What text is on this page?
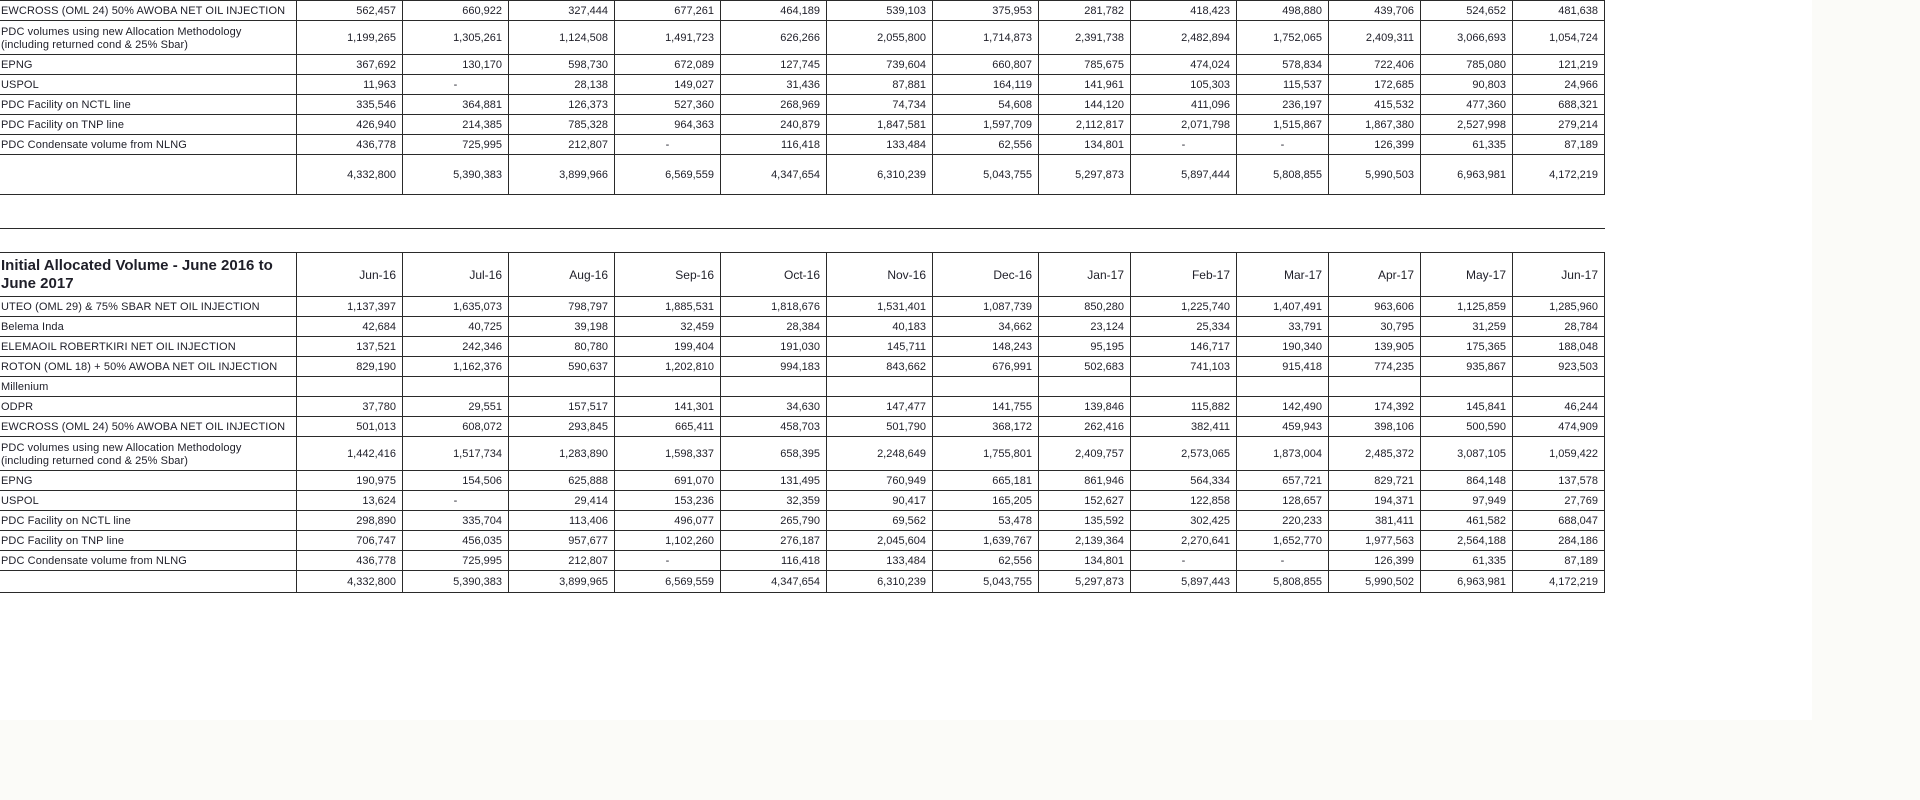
EWCROSS (OML 24) 50% AWOBA NET OIL INJECTION	562,457	660,922	327,444	677,261	464,189	539,103	375,953	281,782	418,423	498,880	439,706	524,652	481,638
PDC volumes using new Allocation Methodology (including returned cond & 25% Sbar)	1,199,265	1,305,261	1,124,508	1,491,723	626,266	2,055,800	1,714,873	2,391,738	2,482,894	1,752,065	2,409,311	3,066,693	1,054,724
EPNG	367,692	130,170	598,730	672,089	127,745	739,604	660,807	785,675	474,024	578,834	722,406	785,080	121,219
USPOL	11,963	-	28,138	149,027	31,436	87,881	164,119	141,961	105,303	115,537	172,685	90,803	24,966
PDC Facility on NCTL line	335,546	364,881	126,373	527,360	268,969	74,734	54,608	144,120	411,096	236,197	415,532	477,360	688,321
PDC Facility on TNP line	426,940	214,385	785,328	964,363	240,879	1,847,581	1,597,709	2,112,817	2,071,798	1,515,867	1,867,380	2,527,998	279,214
PDC Condensate volume from NLNG	436,778	725,995	212,807	-	116,418	133,484	62,556	134,801	-	-	126,399	61,335	87,189
	4,332,800	5,390,383	3,899,966	6,569,559	4,347,654	6,310,239	5,043,755	5,297,873	5,897,444	5,808,855	5,990,503	6,963,981	4,172,219

Initial Allocated Volume - June 2016 to June 2017	Jun-16	Jul-16	Aug-16	Sep-16	Oct-16	Nov-16	Dec-16	Jan-17	Feb-17	Mar-17	Apr-17	May-17	Jun-17
UTEO (OML 29) & 75% SBAR NET OIL INJECTION	1,137,397	1,635,073	798,797	1,885,531	1,818,676	1,531,401	1,087,739	850,280	1,225,740	1,407,491	963,606	1,125,859	1,285,960
Belema Inda	42,684	40,725	39,198	32,459	28,384	40,183	34,662	23,124	25,334	33,791	30,795	31,259	28,784
ELEMAOIL ROBERTKIRI NET OIL INJECTION	137,521	242,346	80,780	199,404	191,030	145,711	148,243	95,195	146,717	190,340	139,905	175,365	188,048
ROTON (OML 18) + 50% AWOBA NET OIL INJECTION	829,190	1,162,376	590,637	1,202,810	994,183	843,662	676,991	502,683	741,103	915,418	774,235	935,867	923,503
Millenium													
ODPR	37,780	29,551	157,517	141,301	34,630	147,477	141,755	139,846	115,882	142,490	174,392	145,841	46,244
EWCROSS (OML 24) 50% AWOBA NET OIL INJECTION	501,013	608,072	293,845	665,411	458,703	501,790	368,172	262,416	382,411	459,943	398,106	500,590	474,909
PDC volumes using new Allocation Methodology (including returned cond & 25% Sbar)	1,442,416	1,517,734	1,283,890	1,598,337	658,395	2,248,649	1,755,801	2,409,757	2,573,065	1,873,004	2,485,372	3,087,105	1,059,422
EPNG	190,975	154,506	625,888	691,070	131,495	760,949	665,181	861,946	564,334	657,721	829,721	864,148	137,578
USPOL	13,624	-	29,414	153,236	32,359	90,417	165,205	152,627	122,858	128,657	194,371	97,949	27,769
PDC Facility on NCTL line	298,890	335,704	113,406	496,077	265,790	69,562	53,478	135,592	302,425	220,233	381,411	461,582	688,047
PDC Facility on TNP line	706,747	456,035	957,677	1,102,260	276,187	2,045,604	1,639,767	2,139,364	2,270,641	1,652,770	1,977,563	2,564,188	284,186
PDC Condensate volume from NLNG	436,778	725,995	212,807	-	116,418	133,484	62,556	134,801	-	-	126,399	61,335	87,189
	4,332,800	5,390,383	3,899,965	6,569,559	4,347,654	6,310,239	5,043,755	5,297,873	5,897,443	5,808,855	5,990,502	6,963,981	4,172,219
